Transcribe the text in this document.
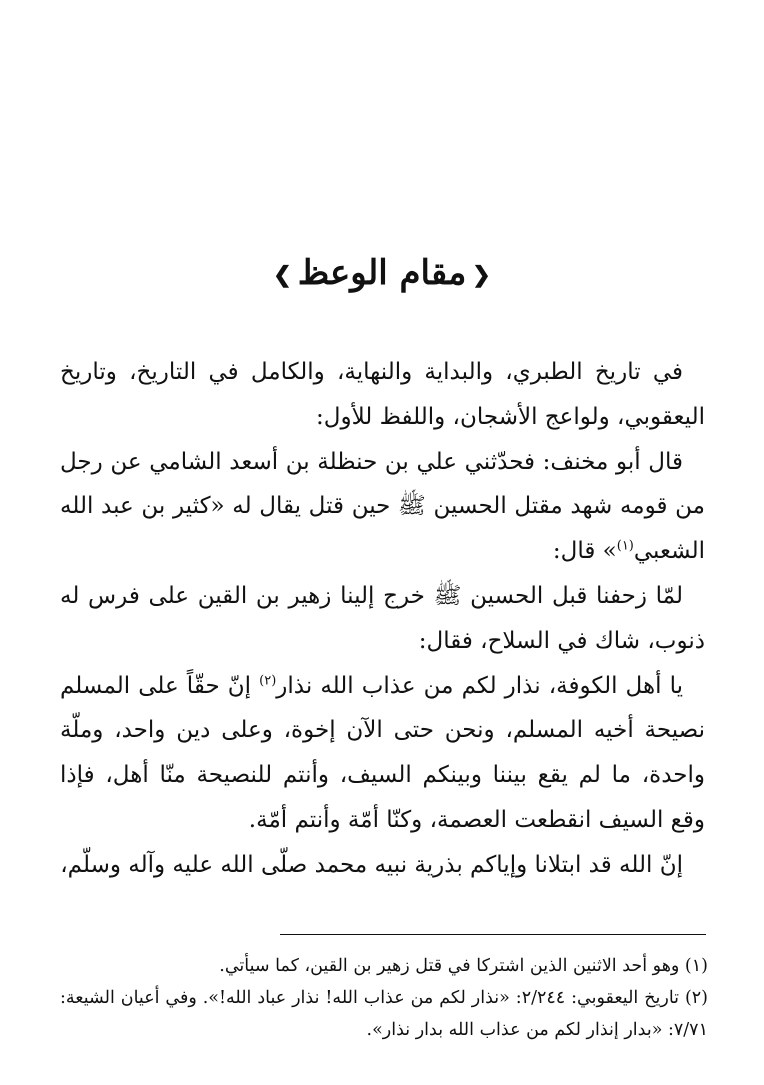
❮مقام الوعظ❯

في تاريخ الطبري، والبداية والنهاية، والكامل في التاريخ، وتاريخ اليعقوبي، ولواعج الأشجان، واللفظ للأول:

قال أبو مخنف: فحدّثني علي بن حنظلة بن أسعد الشامي عن رجل من قومه شهد مقتل الحسين ﷺ حين قتل يقال له «كثير بن عبد الله الشعبي$^{(١)}$» قال:

لمّا زحفنا قبل الحسين ﷺ خرج إلينا زهير بن القين على فرس له ذنوب، شاك في السلاح، فقال:

يا أهل الكوفة، نذار لكم من عذاب الله نذار$^{(٢)}$ إنّ حقّاً على المسلم نصيحة أخيه المسلم، ونحن حتى الآن إخوة، وعلى دين واحد، وملّة واحدة، ما لم يقع بيننا وبينكم السيف، وأنتم للنصيحة منّا أهل، فإذا وقع السيف انقطعت العصمة، وكنّا أمّة وأنتم أمّة.

إنّ الله قد ابتلانا وإياكم بذرية نبيه محمد صلّى الله عليه وآله وسلّم،

(١) وهو أحد الاثنين الذين اشتركا في قتل زهير بن القين، كما سيأتي.

(٢) تاريخ اليعقوبي: ٢/٢٤٤: «نذار لكم من عذاب الله! نذار عباد الله!». وفي أعيان الشيعة: ٧/٧١: «بدار إنذار لكم من عذاب الله بدار نذار».
